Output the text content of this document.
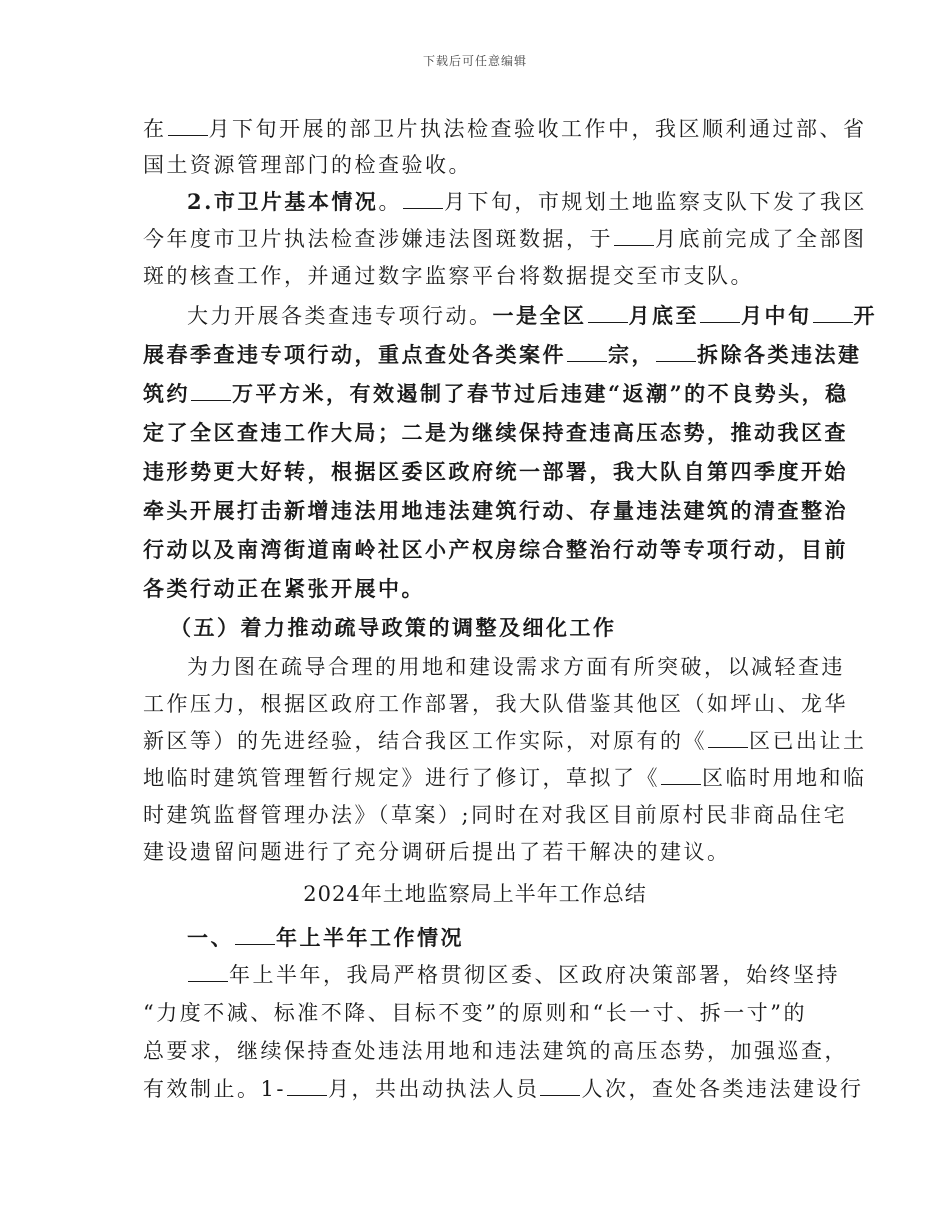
下载后可任意编辑
在 月下旬开展的部卫片执法检查验收工作中，我区顺利通过部、省
国土资源管理部门的检查验收。
2.市卫片基本情况。 月下旬，市规划土地监察支队下发了我区
今年度市卫片执法检查涉嫌违法图斑数据，于 月底前完成了全部图
斑的核查工作，并通过数字监察平台将数据提交至市支队。
大力开展各类查违专项行动。一是全区 月底至 月中旬 开
展春季查违专项行动，重点查处各类案件 宗， 拆除各类违法建
筑约 万平方米，有效遏制了春节过后违建“返潮”的不良势头，稳
定了全区查违工作大局；二是为继续保持查违高压态势，推动我区查
违形势更大好转，根据区委区政府统一部署，我大队自第四季度开始
牵头开展打击新增违法用地违法建筑行动、存量违法建筑的清查整治
行动以及南湾街道南岭社区小产权房综合整治行动等专项行动，目前
各类行动正在紧张开展中。
（五）着力推动疏导政策的调整及细化工作
为力图在疏导合理的用地和建设需求方面有所突破，以减轻查违
工作压力，根据区政府工作部署，我大队借鉴其他区（如坪山、龙华
新区等）的先进经验，结合我区工作实际，对原有的《 区已出让土
地临时建筑管理暂行规定》进行了修订，草拟了《 区临时用地和临
时建筑监督管理办法》（草案）;同时在对我区目前原村民非商品住宅
建设遗留问题进行了充分调研后提出了若干解决的建议。
2024年土地监察局上半年工作总结
一、 年上半年工作情况
年上半年，我局严格贯彻区委、区政府决策部署，始终坚持
“力度不减、标准不降、目标不变”的原则和“长一寸、拆一寸”的
总要求，继续保持查处违法用地和违法建筑的高压态势，加强巡查，
有效制止。1- 月，共出动执法人员 人次，查处各类违法建设行
